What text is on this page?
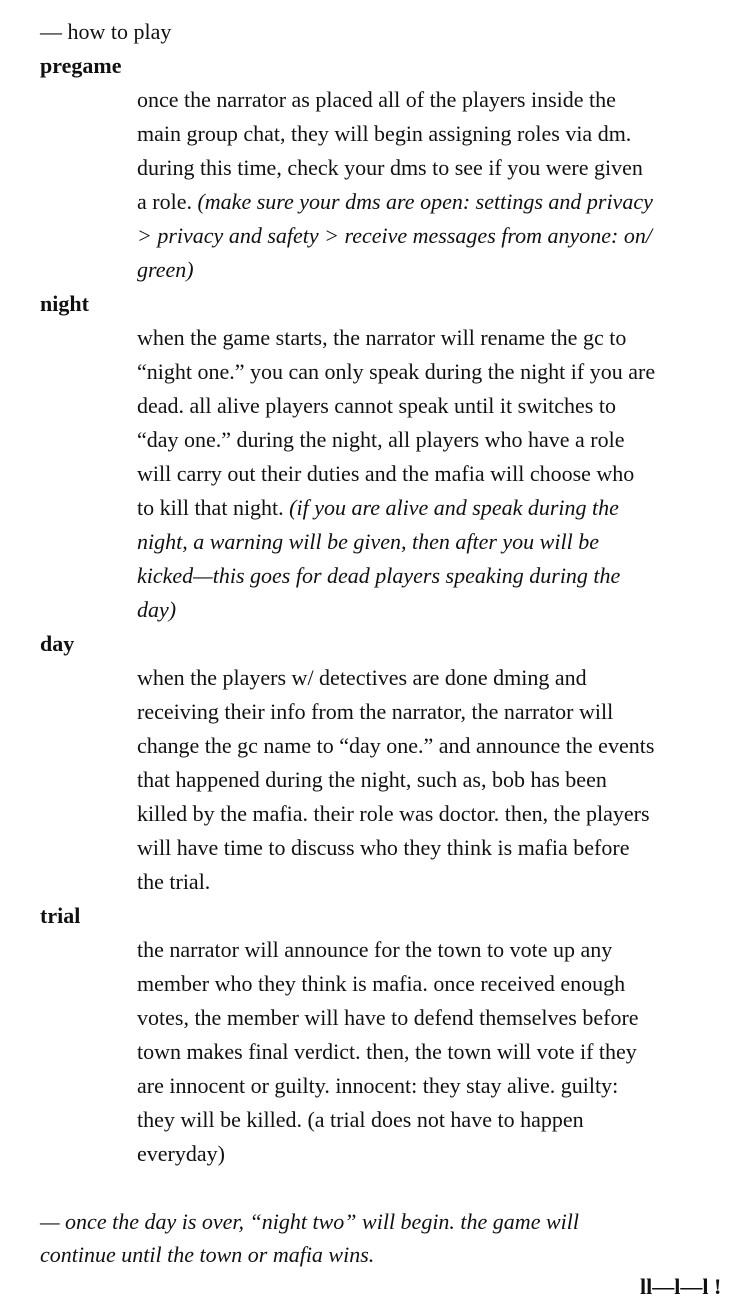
— how to play
pregame
once the narrator as placed all of the players inside the
main group chat, they will begin assigning roles via dm.
during this time, check your dms to see if you were given
a role. (make sure your dms are open: settings and privacy
> privacy and safety > receive messages from anyone: on/
green)
night
when the game starts, the narrator will rename the gc to
“night one.” you can only speak during the night if you are
dead. all alive players cannot speak until it switches to
“day one.” during the night, all players who have a role
will carry out their duties and the mafia will choose who
to kill that night. (if you are alive and speak during the
night, a warning will be given, then after you will be
kicked—this goes for dead players speaking during the
day)
day
when the players w/ detectives are done dming and
receiving their info from the narrator, the narrator will
change the gc name to “day one.” and announce the events
that happened during the night, such as, bob has been
killed by the mafia. their role was doctor. then, the players
will have time to discuss who they think is mafia before
the trial.
trial
the narrator will announce for the town to vote up any
member who they think is mafia. once received enough
votes, the member will have to defend themselves before
town makes final verdict. then, the town will vote if they
are innocent or guilty. innocent: they stay alive. guilty:
they will be killed. (a trial does not have to happen
everyday)
— once the day is over, “night two” will begin. the game will
continue until the town or mafia wins.
ll—l—l !
